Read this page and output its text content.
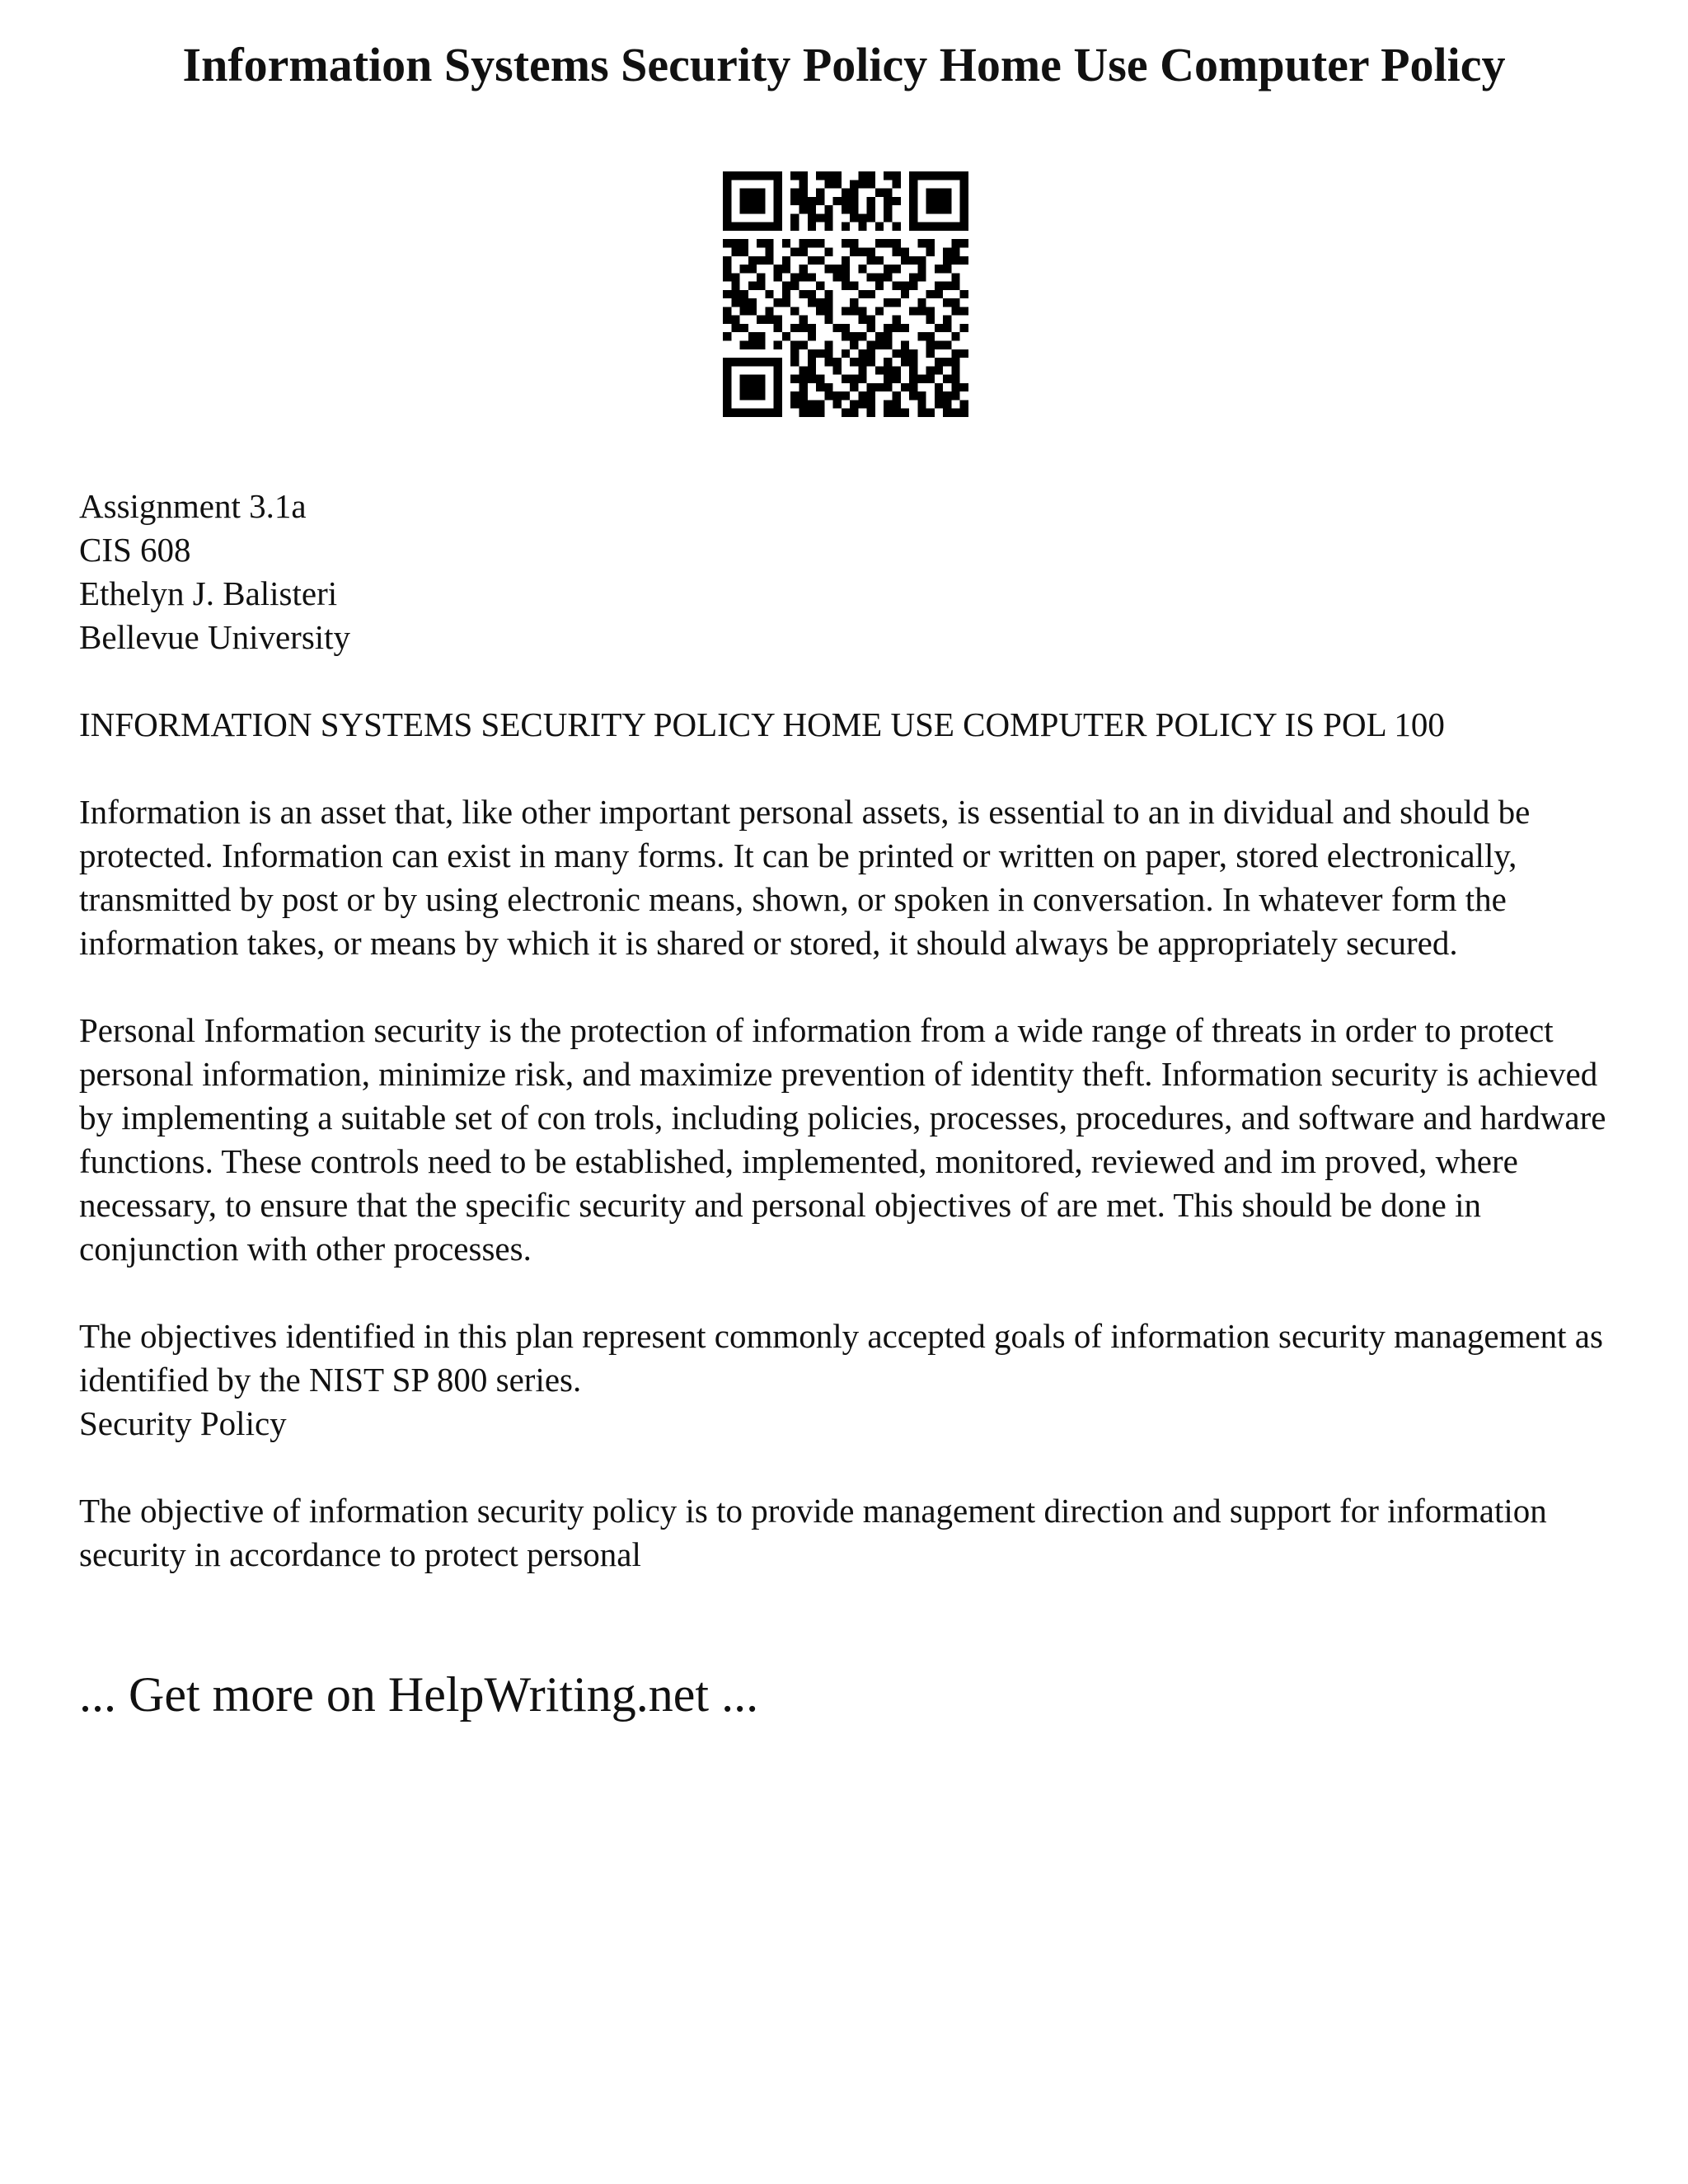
Information Systems Security Policy Home Use Computer Policy

Assignment 3.1a

CIS 608

Ethelyn J. Balisteri

Bellevue University

INFORMATION SYSTEMS SECURITY POLICY HOME USE COMPUTER POLICY IS POL 100

Information is an asset that, like other important personal assets, is essential to an in dividual and should be protected. Information can exist in many forms. It can be printed or written on paper, stored electronically, transmitted by post or by using electronic means, shown, or spoken in conversation. In whatever form the information takes, or means by which it is shared or stored, it should always be appropriately secured.

Personal Information security is the protection of information from a wide range of threats in order to protect personal information, minimize risk, and maximize prevention of identity theft. Information security is achieved by implementing a suitable set of con trols, including policies, processes, procedures, and software and hardware functions. These controls need to be established, implemented, monitored, reviewed and im proved, where necessary, to ensure that the specific security and personal objectives of are met. This should be done in conjunction with other processes.

The objectives identified in this plan represent commonly accepted goals of information security management as identified by the NIST SP 800 series.

Security Policy

The objective of information security policy is to provide management direction and support for information security in accordance to protect personal

... Get more on HelpWriting.net ...
